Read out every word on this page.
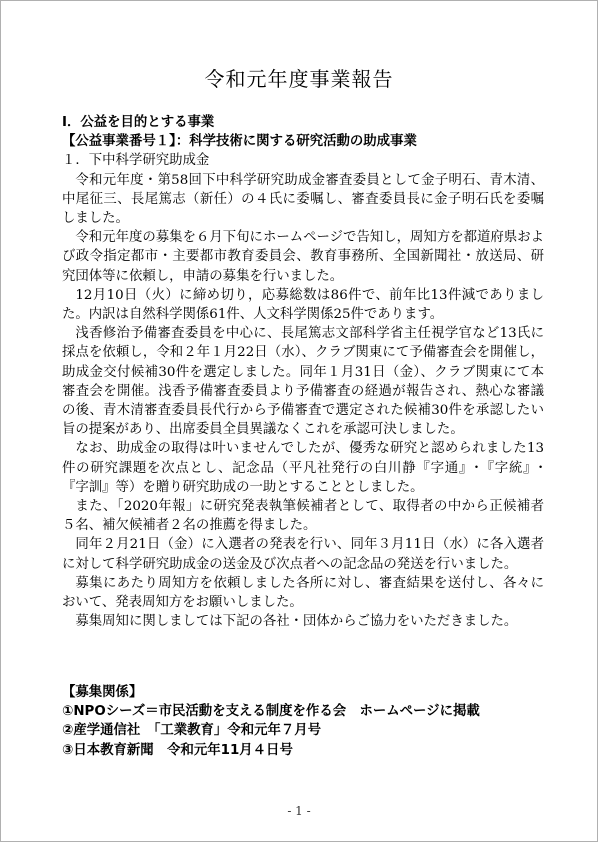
令和元年度事業報告
Ⅰ．公益を目的とする事業
【公益事業番号１】：科学技術に関する研究活動の助成事業
１．下中科学研究助成金
令和元年度・第58回下中科学研究助成金審査委員として金子明石、青木清、中尾征三、長尾篤志（新任）の４氏に委嘱し、審査委員長に金子明石氏を委嘱しました。
令和元年度の募集を６月下旬にホームページで告知し，周知方を都道府県および政令指定都市・主要都市教育委員会、教育事務所、全国新聞社・放送局、研究団体等に依頼し，申請の募集を行いました。
12月10日（火）に締め切り，応募総数は86件で、前年比13件減でありました。内訳は自然科学関係61件、人文科学関係25件であります。
浅香修治予備審査委員を中心に、長尾篤志文部科学省主任視学官など13氏に採点を依頼し，令和２年１月22日（水）、クラブ関東にて予備審査会を開催し，助成金交付候補30件を選定しました。同年１月31日（金）、クラブ関東にて本審査会を開催。浅香予備審査委員より予備審査の経過が報告され、熱心な審議の後、青木清審査委員長代行から予備審査で選定された候補30件を承認したい旨の提案があり、出席委員全員異議なくこれを承認可決しました。
なお、助成金の取得は叶いませんでしたが、優秀な研究と認められました13件の研究課題を次点とし、記念品（平凡社発行の白川静『字通』･『字統』･『字訓』等）を贈り研究助成の一助とすることとしました。
また、「2020年報」に研究発表執筆候補者として、取得者の中から正候補者５名、補欠候補者２名の推薦を得ました。
同年２月21日（金）に入選者の発表を行い、同年３月11日（水）に各入選者に対して科学研究助成金の送金及び次点者への記念品の発送を行いました。
募集にあたり周知方を依頼しました各所に対し、審査結果を送付し、各々において、発表周知方をお願いしました。
募集周知に関しましては下記の各社・団体からご協力をいただきました。
【募集関係】
①NPOシーズ＝市民活動を支える制度を作る会　ホームページに掲載
②産学通信社　「工業教育」令和元年７月号
③日本教育新聞　令和元年11月４日号
- 1 -
